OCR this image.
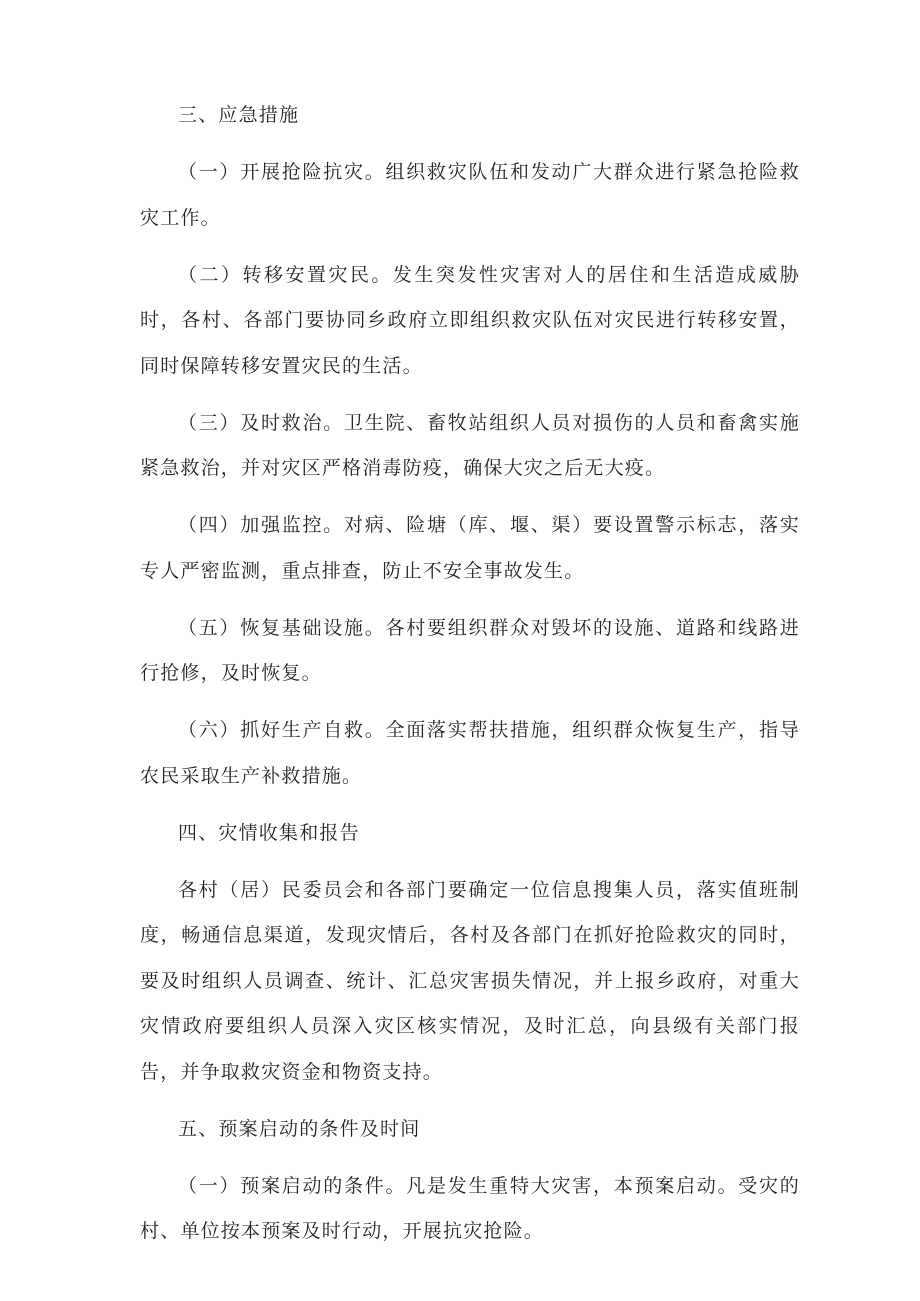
三、应急措施

（一）开展抢险抗灾。组织救灾队伍和发动广大群众进行紧急抢险救灾工作。

（二）转移安置灾民。发生突发性灾害对人的居住和生活造成威胁时，各村、各部门要协同乡政府立即组织救灾队伍对灾民进行转移安置，同时保障转移安置灾民的生活。

（三）及时救治。卫生院、畜牧站组织人员对损伤的人员和畜禽实施紧急救治，并对灾区严格消毒防疫，确保大灾之后无大疫。

（四）加强监控。对病、险塘（库、堰、渠）要设置警示标志，落实专人严密监测，重点排查，防止不安全事故发生。

（五）恢复基础设施。各村要组织群众对毁坏的设施、道路和线路进行抢修，及时恢复。

（六）抓好生产自救。全面落实帮扶措施，组织群众恢复生产，指导农民采取生产补救措施。

四、灾情收集和报告

各村（居）民委员会和各部门要确定一位信息搜集人员，落实值班制度，畅通信息渠道，发现灾情后，各村及各部门在抓好抢险救灾的同时，要及时组织人员调查、统计、汇总灾害损失情况，并上报乡政府，对重大灾情政府要组织人员深入灾区核实情况，及时汇总，向县级有关部门报告，并争取救灾资金和物资支持。

五、预案启动的条件及时间

（一）预案启动的条件。凡是发生重特大灾害，本预案启动。受灾的村、单位按本预案及时行动，开展抗灾抢险。
